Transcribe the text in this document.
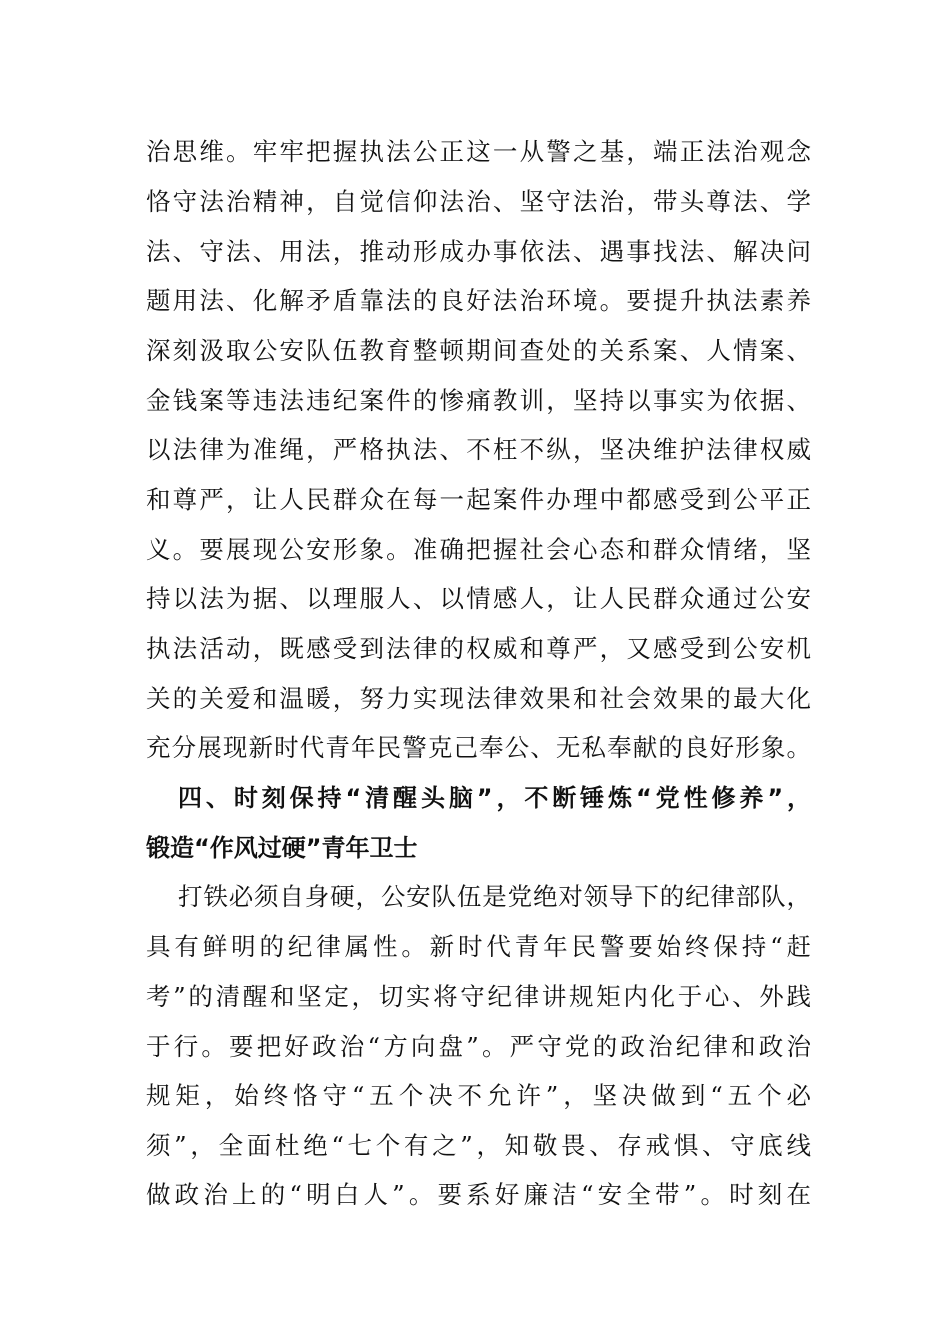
治思维。牢牢把握执法公正这一从警之基，端正法治观念
恪守法治精神，自觉信仰法治、坚守法治，带头尊法、学
法、守法、用法，推动形成办事依法、遇事找法、解决问
题用法、化解矛盾靠法的良好法治环境。要提升执法素养
深刻汲取公安队伍教育整顿期间查处的关系案、人情案、
金钱案等违法违纪案件的惨痛教训，坚持以事实为依据、
以法律为准绳，严格执法、不枉不纵，坚决维护法律权威
和尊严，让人民群众在每一起案件办理中都感受到公平正
义。要展现公安形象。准确把握社会心态和群众情绪，坚
持以法为据、以理服人、以情感人，让人民群众通过公安
执法活动，既感受到法律的权威和尊严，又感受到公安机
关的关爱和温暖，努力实现法律效果和社会效果的最大化
充分展现新时代青年民警克己奉公、无私奉献的良好形象。
四、时刻保持“清醒头脑”，不断锤炼“党性修养”，
锻造“作风过硬”青年卫士
打铁必须自身硬，公安队伍是党绝对领导下的纪律部队，
具有鲜明的纪律属性。新时代青年民警要始终保持“赶
考”的清醒和坚定，切实将守纪律讲规矩内化于心、外践
于行。要把好政治“方向盘”。严守党的政治纪律和政治
规矩，始终恪守“五个决不允许”，坚决做到“五个必
须”，全面杜绝“七个有之”，知敬畏、存戒惧、守底线
做政治上的“明白人”。要系好廉洁“安全带”。时刻在
